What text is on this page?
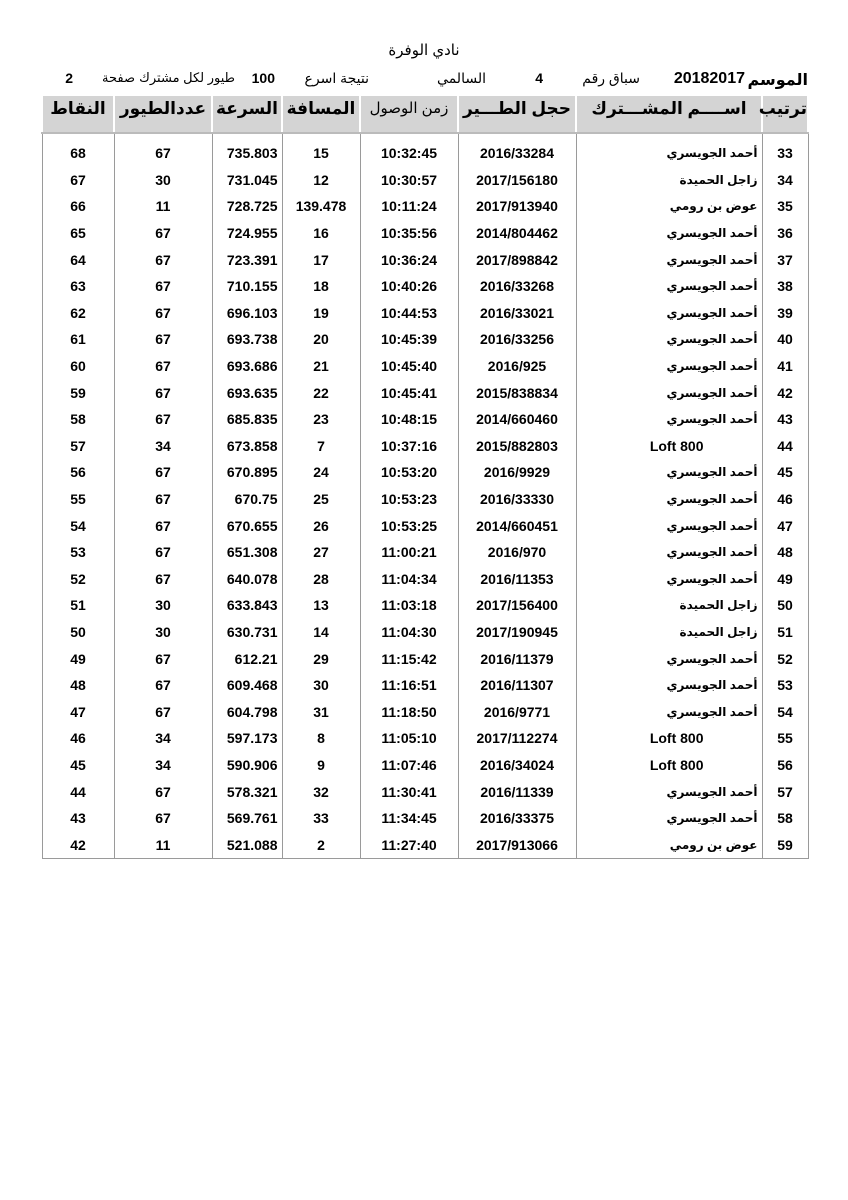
نادي الوفرة
الموسم
20182017
سباق رقم
4
السالمي
نتيجة اسرع
100
طيور لكل مشترك
صفحة
2
ترتيب	اســــم المشـــترك	حجل الطـــير	زمن الوصول	المسافة	السرعة	عددالطيور	النقاط

33	أحمد الجويسري	2016/33284	10:32:45	15	735.803	67	68
34	زاجل الحميدة	2017/156180	10:30:57	12	731.045	30	67
35	عوض بن رومي	2017/913940	10:11:24	139.478	728.725	11	66
36	أحمد الجويسري	2014/804462	10:35:56	16	724.955	67	65
37	أحمد الجويسري	2017/898842	10:36:24	17	723.391	67	64
38	أحمد الجويسري	2016/33268	10:40:26	18	710.155	67	63
39	أحمد الجويسري	2016/33021	10:44:53	19	696.103	67	62
40	أحمد الجويسري	2016/33256	10:45:39	20	693.738	67	61
41	أحمد الجويسري	2016/925	10:45:40	21	693.686	67	60
42	أحمد الجويسري	2015/838834	10:45:41	22	693.635	67	59
43	أحمد الجويسري	2014/660460	10:48:15	23	685.835	67	58
44	Loft 800	2015/882803	10:37:16	7	673.858	34	57
45	أحمد الجويسري	2016/9929	10:53:20	24	670.895	67	56
46	أحمد الجويسري	2016/33330	10:53:23	25	670.75	67	55
47	أحمد الجويسري	2014/660451	10:53:25	26	670.655	67	54
48	أحمد الجويسري	2016/970	11:00:21	27	651.308	67	53
49	أحمد الجويسري	2016/11353	11:04:34	28	640.078	67	52
50	زاجل الحميدة	2017/156400	11:03:18	13	633.843	30	51
51	زاجل الحميدة	2017/190945	11:04:30	14	630.731	30	50
52	أحمد الجويسري	2016/11379	11:15:42	29	612.21	67	49
53	أحمد الجويسري	2016/11307	11:16:51	30	609.468	67	48
54	أحمد الجويسري	2016/9771	11:18:50	31	604.798	67	47
55	Loft 800	2017/112274	11:05:10	8	597.173	34	46
56	Loft 800	2016/34024	11:07:46	9	590.906	34	45
57	أحمد الجويسري	2016/11339	11:30:41	32	578.321	67	44
58	أحمد الجويسري	2016/33375	11:34:45	33	569.761	67	43
59	عوض بن رومي	2017/913066	11:27:40	2	521.088	11	42
